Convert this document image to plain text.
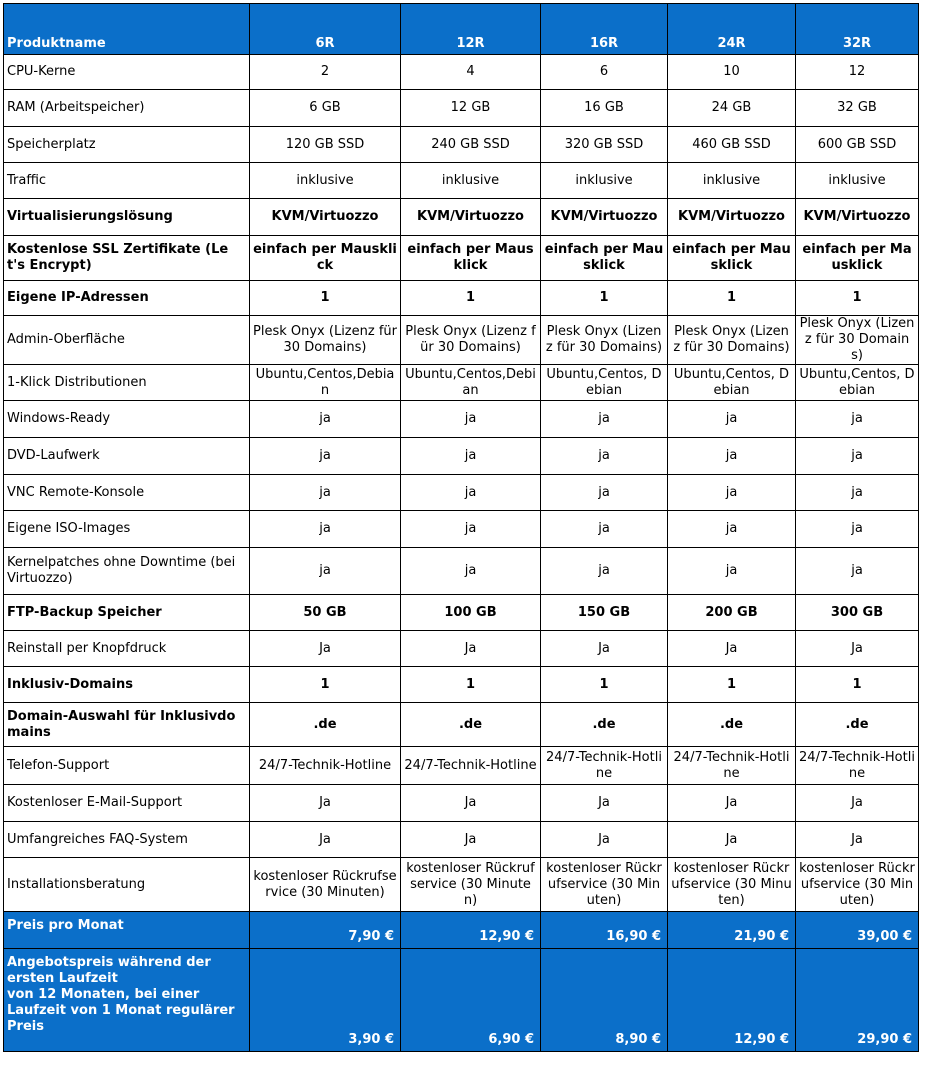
Produktname	6R	12R	16R	24R	32R
CPU-Kerne	2	4	6	10	12
RAM (Arbeitspeicher)	6 GB	12 GB	16 GB	24 GB	32 GB
Speicherplatz	120 GB SSD	240 GB SSD	320 GB SSD	460 GB SSD	600 GB SSD
Traffic	inklusive	inklusive	inklusive	inklusive	inklusive
Virtualisierungslösung	KVM/Virtuozzo	KVM/Virtuozzo	KVM/Virtuozzo	KVM/Virtuozzo	KVM/Virtuozzo
Kostenlose SSL Zertifikate (Let's Encrypt)	einfach per Mausklick	einfach per Mausklick	einfach per Mausklick	einfach per Mausklick	einfach per Mausklick
Eigene IP-Adressen	1	1	1	1	1
Admin-Oberfläche	Plesk Onyx (Lizenz für 30 Domains)	Plesk Onyx (Lizenz für 30 Domains)	Plesk Onyx (Lizenz für 30 Domains)	Plesk Onyx (Lizenz für 30 Domains)	Plesk Onyx (Lizenz für 30 Domains)
1-Klick Distributionen	Ubuntu,Centos,Debian	Ubuntu,Centos,Debian	Ubuntu,Centos, Debian	Ubuntu,Centos, Debian	Ubuntu,Centos, Debian
Windows-Ready	ja	ja	ja	ja	ja
DVD-Laufwerk	ja	ja	ja	ja	ja
VNC Remote-Konsole	ja	ja	ja	ja	ja
Eigene ISO-Images	ja	ja	ja	ja	ja
Kernelpatches ohne Downtime (bei Virtuozzo)	ja	ja	ja	ja	ja
FTP-Backup Speicher	50 GB	100 GB	150 GB	200 GB	300 GB
Reinstall per Knopfdruck	Ja	Ja	Ja	Ja	Ja
Inklusiv-Domains	1	1	1	1	1
Domain-Auswahl für Inklusivdomains	.de	.de	.de	.de	.de
Telefon-Support	24/7-Technik-Hotline	24/7-Technik-Hotline	24/7-Technik-Hotline	24/7-Technik-Hotline	24/7-Technik-Hotline
Kostenloser E-Mail-Support	Ja	Ja	Ja	Ja	Ja
Umfangreiches FAQ-System	Ja	Ja	Ja	Ja	Ja
Installationsberatung	kostenloser Rückrufservice (30 Minuten)	kostenloser Rückrufservice (30 Minuten)	kostenloser Rückrufservice (30 Minuten)	kostenloser Rückrufservice (30 Minuten)	kostenloser Rückrufservice (30 Minuten)
Preis pro Monat	7,90 €	12,90 €	16,90 €	21,90 €	39,00 €
Angebotspreis während der ersten Laufzeit
von 12 Monaten, bei einer Laufzeit von 1 Monat regulärer Preis	3,90 €	6,90 €	8,90 €	12,90 €	29,90 €
